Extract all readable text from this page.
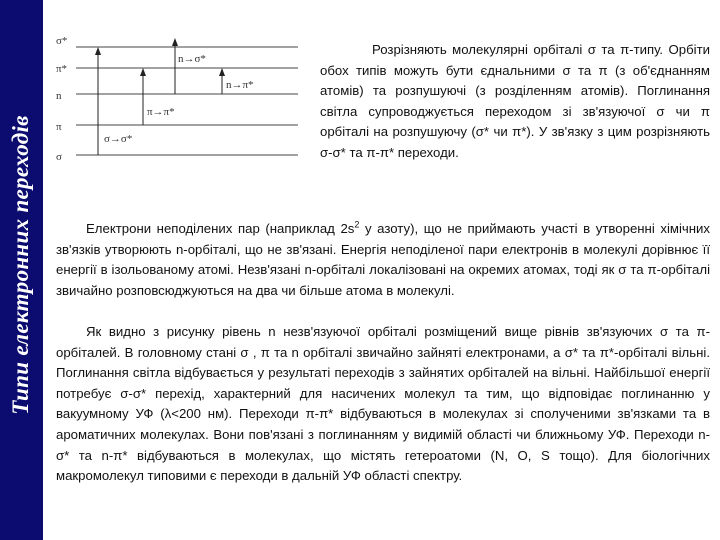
Типи електронних переходів
σ*
π*
n
π
σ
n→σ*
n→π*
π→π*
σ→σ*

Розрізняють молекулярні орбіталі σ та π-типу. Орбіти обох типів можуть бути єднальними σ та π (з об'єднанням атомів) та розпушуючі (з розділенням атомів). Поглинання світла супроводжується переходом зі зв'язуючої σ чи π орбіталі на розпушуючу (σ* чи π*). У зв'язку з цим розрізняють σ-σ* та π-π* переходи.

Електрони неподілених пар (наприклад $2s^2$ у азоту), що не приймають участі в утворенні хімічних зв'язків утворюють n-орбіталі, що не зв'язані. Енергія неподіленої пари електронів в молекулі дорівнює її енергії в ізольованому атомі. Незв'язані n-орбіталі локалізовані на окремих атомах, тоді як σ та π-орбіталі звичайно розповсюджуються на два чи більше атома в молекулі.

Як видно з рисунку рівень n незв'язуючої орбіталі розміщений вище рівнів зв'язуючих σ та π-орбіталей. В головному стані σ , π та n орбіталі звичайно зайняті електронами, а σ* та π*-орбіталі вільні. Поглинання світла відбувається у результаті переходів з зайнятих орбіталей на вільні. Найбільшої енергії потребує σ-σ* перехід, характерний для насичених молекул та тим, що відповідає поглинанню у вакуумному УФ (λ<200 нм). Переходи π-π* відбуваються в молекулах зі сполученими зв'язками та в ароматичних молекулах. Вони пов'язані з поглинанням у видимій області чи ближньому УФ. Переходи n-σ* та n-π* відбуваються в молекулах, що містять гетероатоми (N, O, S тощо). Для біологічних макромолекул типовими є переходи в дальній УФ області спектру.
